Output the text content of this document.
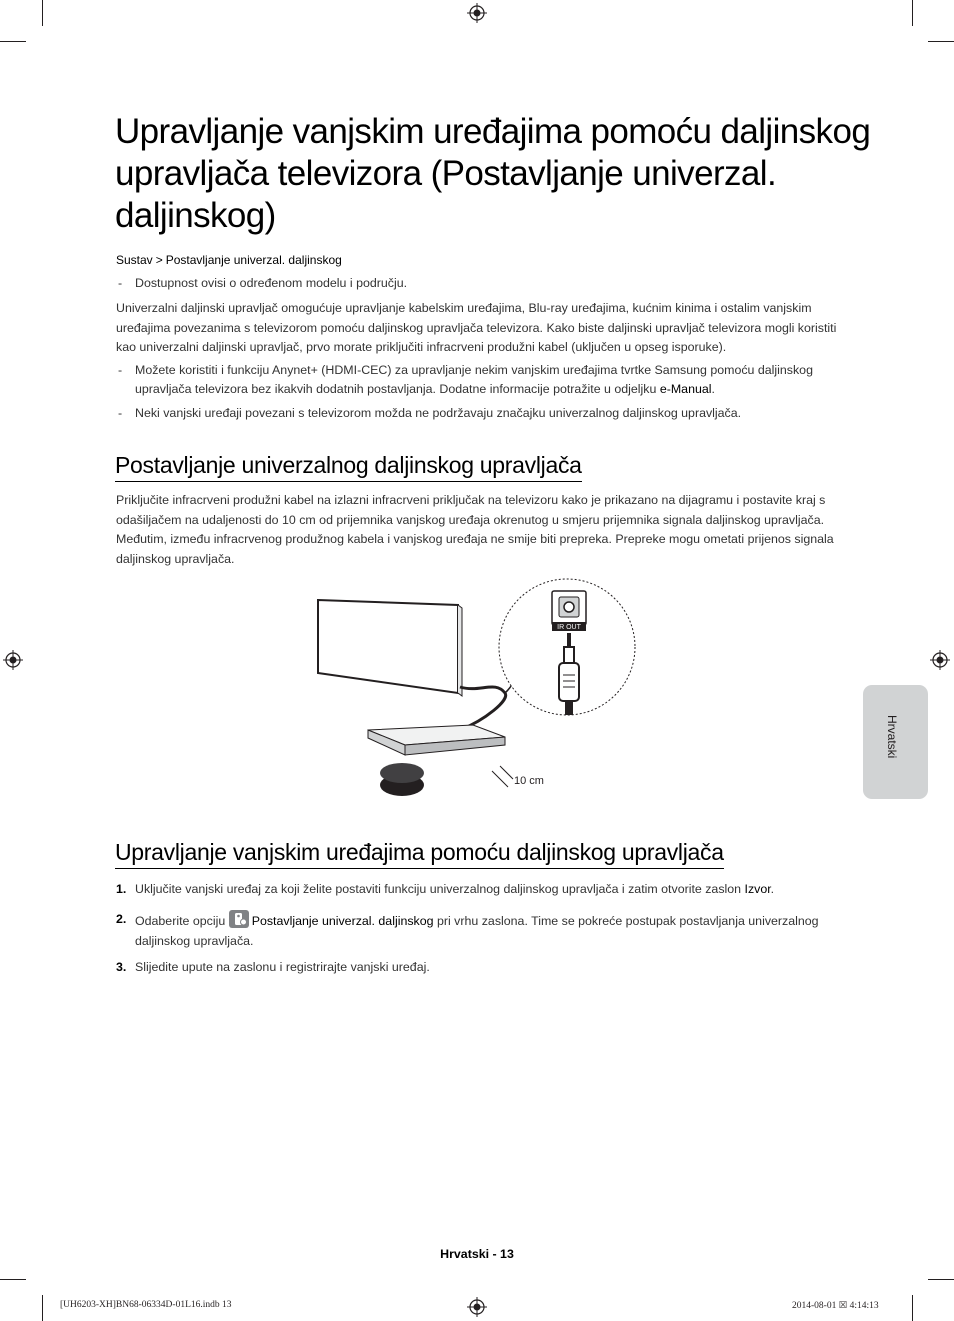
Upravljanje vanjskim uređajima pomoću daljinskog upravljača televizora (Postavljanje univerzal. daljinskog)
Sustav > Postavljanje univerzal. daljinskog
- Dostupnost ovisi o određenom modelu i području.

Univerzalni daljinski upravljač omogućuje upravljanje kabelskim uređajima, Blu-ray uređajima, kućnim kinima i ostalim vanjskim uređajima povezanima s televizorom pomoću daljinskog upravljača televizora. Kako biste daljinski upravljač televizora mogli koristiti kao univerzalni daljinski upravljač, prvo morate priključiti infracrveni produžni kabel (uključen u opseg isporuke).

- Možete koristiti i funkciju Anynet+ (HDMI-CEC) za upravljanje nekim vanjskim uređajima tvrtke Samsung pomoću daljinskog upravljača televizora bez ikakvih dodatnih postavljanja. Dodatne informacije potražite u odjeljku e-Manual.
- Neki vanjski uređaji povezani s televizorom možda ne podržavaju značajku univerzalnog daljinskog upravljača.
Postavljanje univerzalnog daljinskog upravljača

Priključite infracrveni produžni kabel na izlazni infracrveni priključak na televizoru kako je prikazano na dijagramu i postavite kraj s odašiljačem na udaljenosti do 10 cm od prijemnika vanjskog uređaja okrenutog u smjeru prijemnika signala daljinskog upravljača. Međutim, između infracrvenog produžnog kabela i vanjskog uređaja ne smije biti prepreka. Prepreke mogu ometati prijenos signala daljinskog upravljača.

10 cm
IR OUT
Upravljanje vanjskim uređajima pomoću daljinskog upravljača
1. Uključite vanjski uređaj za koji želite postaviti funkciju univerzalnog daljinskog upravljača i zatim otvorite zaslon Izvor.
2. Odaberite opciju Postavljanje univerzal. daljinskog pri vrhu zaslona. Time se pokreće postupak postavljanja univerzalnog daljinskog upravljača.
3. Slijedite upute na zaslonu i registrirajte vanjski uređaj.
Hrvatski
Hrvatski - 13
[UH6203-XH]BN68-06334D-01L16.indb 13	2014-08-01 ☒ 4:14:13
